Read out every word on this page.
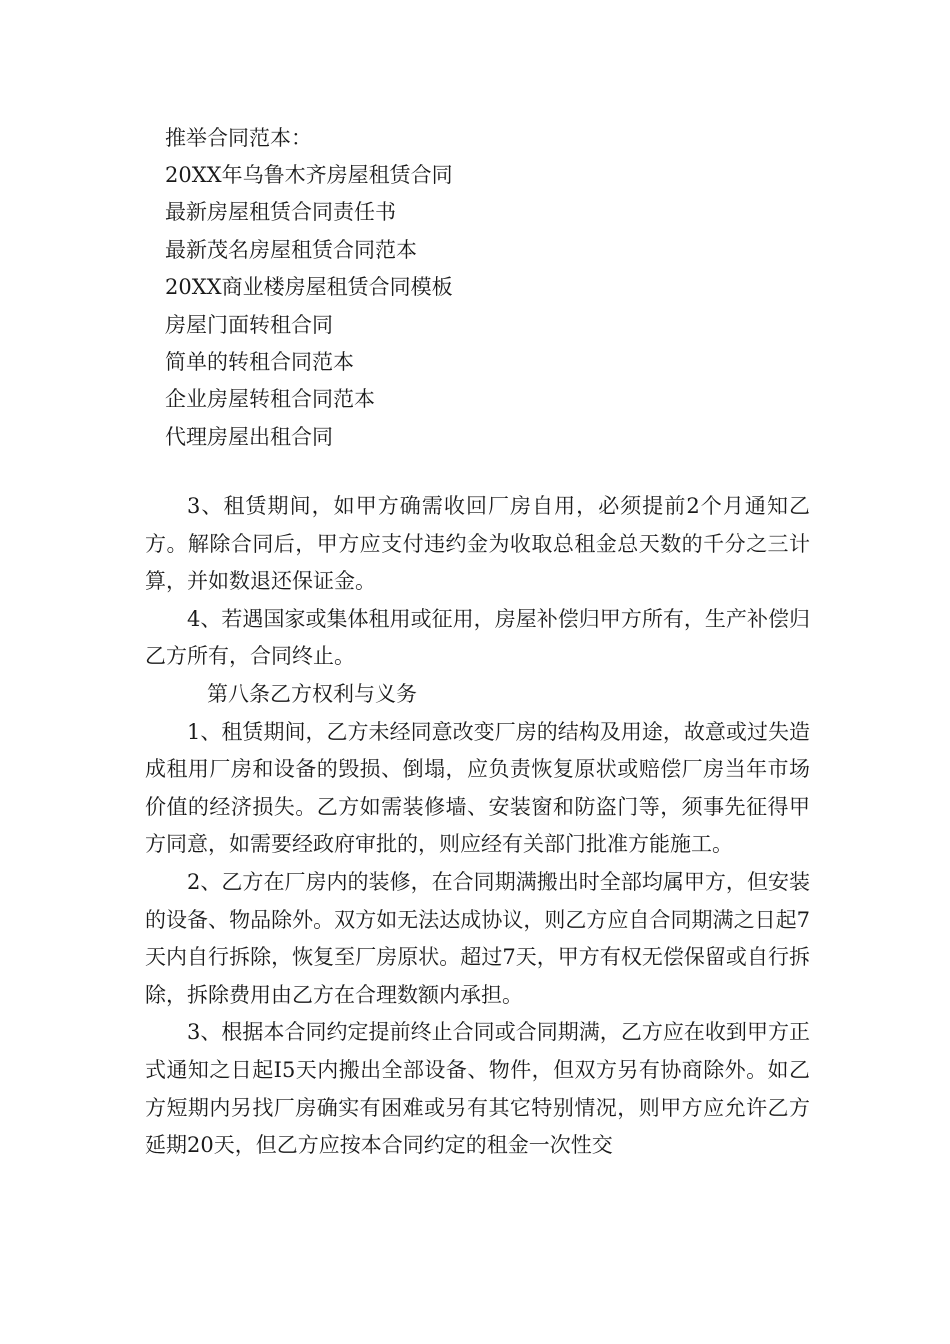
推举合同范本：
20XX年乌鲁木齐房屋租赁合同
最新房屋租赁合同责任书
最新茂名房屋租赁合同范本
20XX商业楼房屋租赁合同模板
房屋门面转租合同
简单的转租合同范本
企业房屋转租合同范本
代理房屋出租合同

3、租赁期间，如甲方确需收回厂房自用，必须提前2个月通知乙方。解除合同后，甲方应支付违约金为收取总租金总天数的千分之三计算，并如数退还保证金。

4、若遇国家或集体租用或征用，房屋补偿归甲方所有，生产补偿归乙方所有，合同终止。

第八条乙方权利与义务

1、租赁期间，乙方未经同意改变厂房的结构及用途，故意或过失造成租用厂房和设备的毁损、倒塌，应负责恢复原状或赔偿厂房当年市场价值的经济损失。乙方如需装修墙、安装窗和防盗门等，须事先征得甲方同意，如需要经政府审批的，则应经有关部门批准方能施工。

2、乙方在厂房内的装修，在合同期满搬出时全部均属甲方，但安装的设备、物品除外。双方如无法达成协议，则乙方应自合同期满之日起7天内自行拆除，恢复至厂房原状。超过7天，甲方有权无偿保留或自行拆除，拆除费用由乙方在合理数额内承担。

3、根据本合同约定提前终止合同或合同期满，乙方应在收到甲方正式通知之日起I5天内搬出全部设备、物件，但双方另有协商除外。如乙方短期内另找厂房确实有困难或另有其它特别情况，则甲方应允许乙方延期20天，但乙方应按本合同约定的租金一次性交
